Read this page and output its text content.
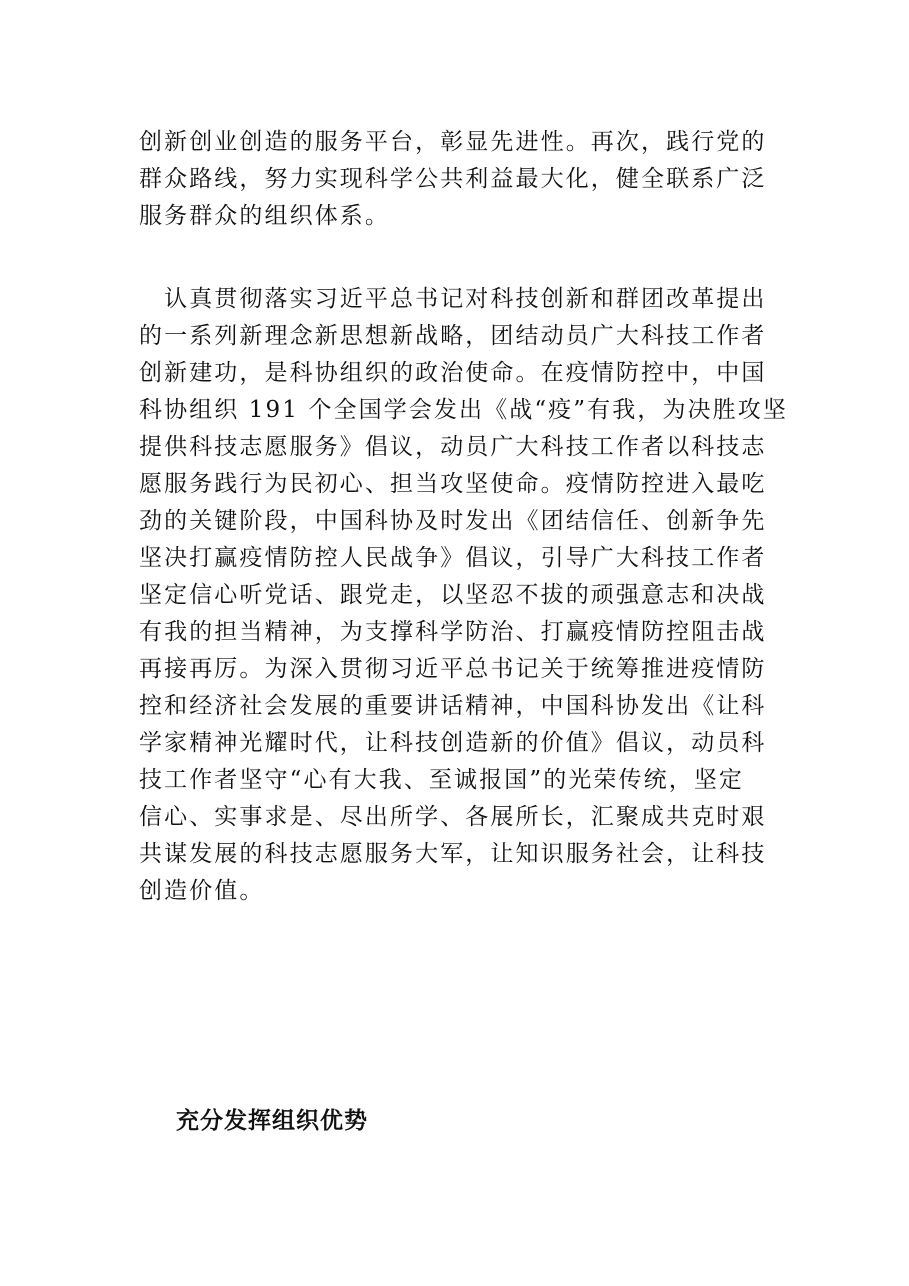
创新创业创造的服务平台，彰显先进性。再次，践行党的
群众路线，努力实现科学公共利益最大化，健全联系广泛
服务群众的组织体系。
　认真贯彻落实习近平总书记对科技创新和群团改革提出
的一系列新理念新思想新战略，团结动员广大科技工作者
创新建功，是科协组织的政治使命。在疫情防控中，中国
科协组织 191 个全国学会发出《战“疫”有我，为决胜攻坚
提供科技志愿服务》倡议，动员广大科技工作者以科技志
愿服务践行为民初心、担当攻坚使命。疫情防控进入最吃
劲的关键阶段，中国科协及时发出《团结信任、创新争先
坚决打赢疫情防控人民战争》倡议，引导广大科技工作者
坚定信心听党话、跟党走，以坚忍不拔的顽强意志和决战
有我的担当精神，为支撑科学防治、打赢疫情防控阻击战
再接再厉。为深入贯彻习近平总书记关于统筹推进疫情防
控和经济社会发展的重要讲话精神，中国科协发出《让科
学家精神光耀时代，让科技创造新的价值》倡议，动员科
技工作者坚守“心有大我、至诚报国”的光荣传统，坚定
信心、实事求是、尽出所学、各展所长，汇聚成共克时艰
共谋发展的科技志愿服务大军，让知识服务社会，让科技
创造价值。
充分发挥组织优势
